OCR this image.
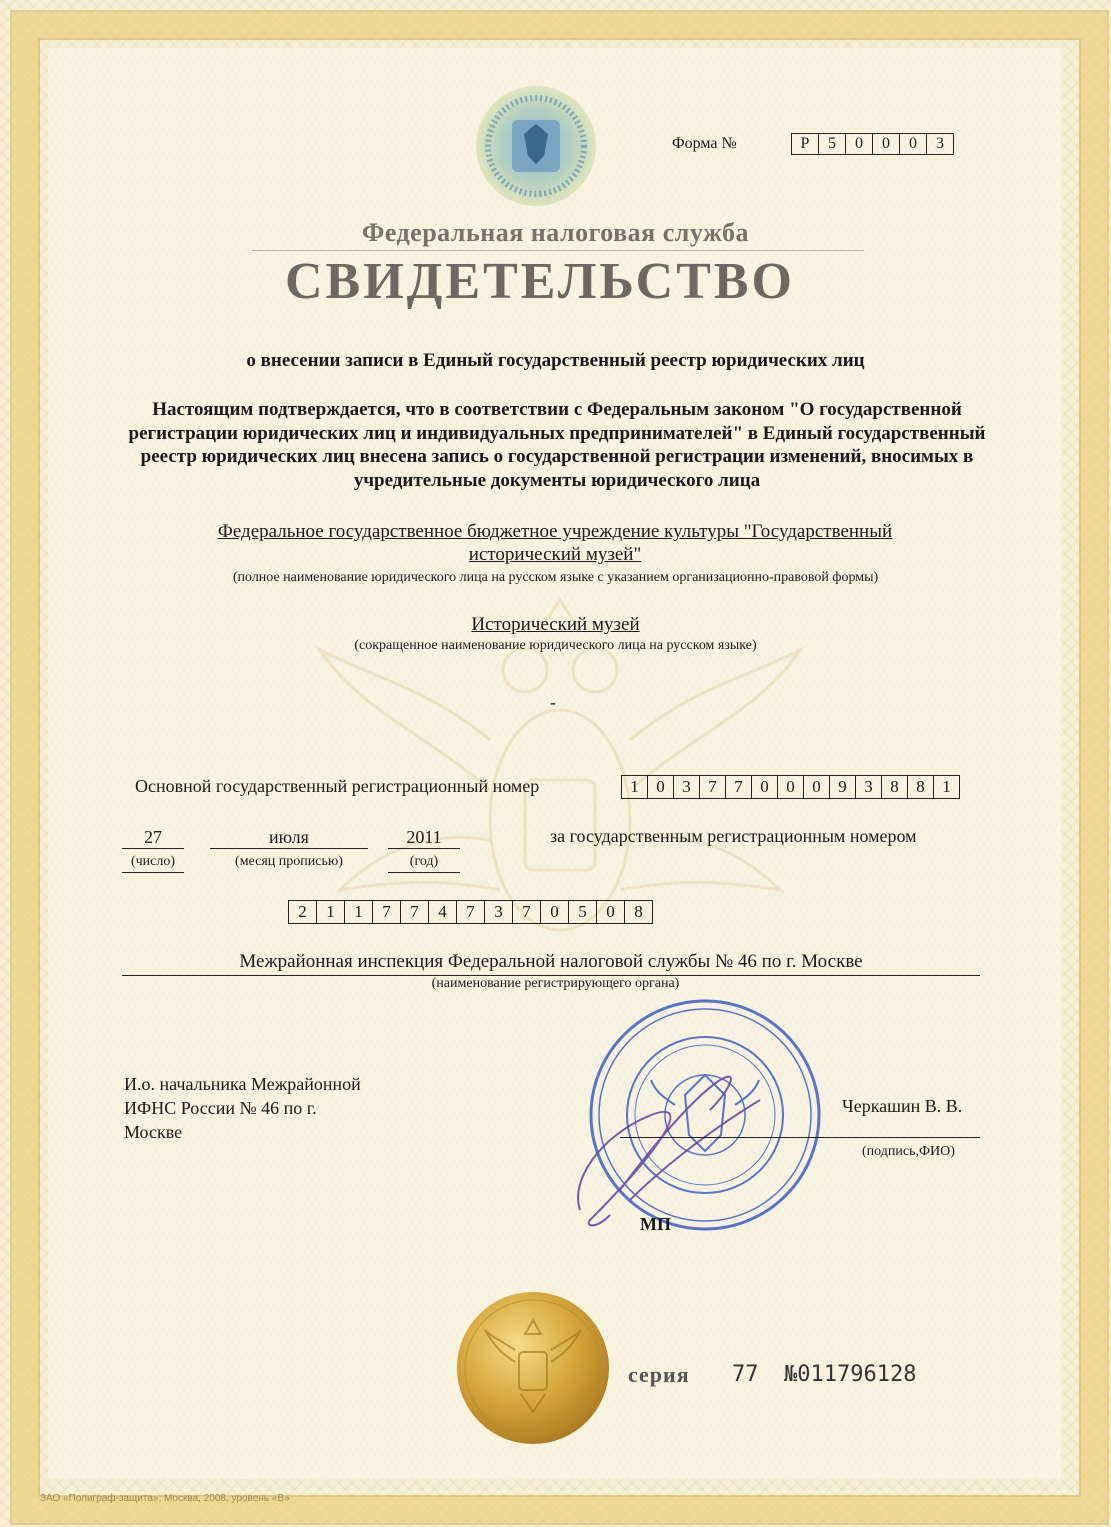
Форма №	Р	5	0	0	0	3
Федеральная налоговая служба
СВИДЕТЕЛЬСТВО
о внесении записи в Единый государственный реестр юридических лиц
Настоящим подтверждается, что в соответствии с Федеральным законом "О государственной регистрации юридических лиц и индивидуальных предпринимателей" в Единый государственный реестр юридических лиц внесена запись о государственной регистрации изменений, вносимых в учредительные документы юридического лица
Федеральное государственное бюджетное учреждение культуры "Государственный
исторический музей"
(полное наименование юридического лица на русском языке с указанием организационно-правовой формы)
Исторический музей
(сокращенное наименование юридического лица на русском языке)
-
Основной государственный регистрационный номер	1	0	3	7	7	0	0	0	9	3	8	8	1
27	июля	2011
(число)	(месяц прописью)	(год)
за государственным регистрационным номером
2	1	1	7	7	4	7	3	7	0	5	0	8
Межрайонная инспекция Федеральной налоговой службы № 46 по г. Москве
(наименование регистрирующего органа)
И.о. начальника Межрайонной
ИФНС России № 46 по г.
Москве
Черкашин В. В.
(подпись,ФИО)
МП
серия 77 №011796128
ЗАО «Полиграф-защита», Москва, 2008, уровень «В»
